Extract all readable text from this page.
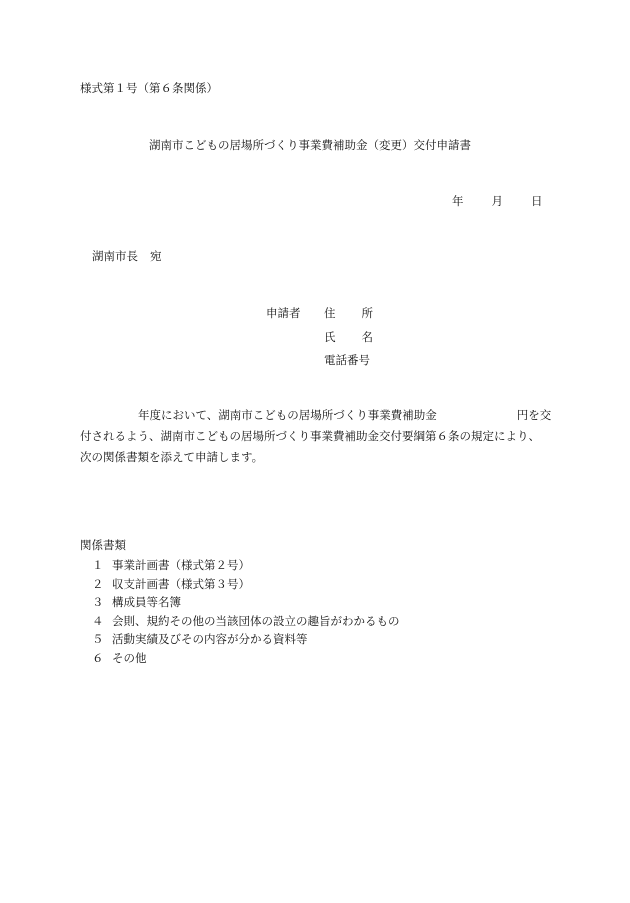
様式第１号（第６条関係）
湖南市こどもの居場所づくり事業費補助金（変更）交付申請書
年 月 日
湖南市長 宛
申請者 住 所
氏 名
電話番号
年度において、湖南市こどもの居場所づくり事業費補助金	円を交
付されるよう、湖南市こどもの居場所づくり事業費補助金交付要綱第６条の規定により、
次の関係書類を添えて申請します。
関係書類
１ 事業計画書（様式第２号）
２ 収支計画書（様式第３号）
３ 構成員等名簿
４ 会則、規約その他の当該団体の設立の趣旨がわかるもの
５ 活動実績及びその内容が分かる資料等
６ その他
